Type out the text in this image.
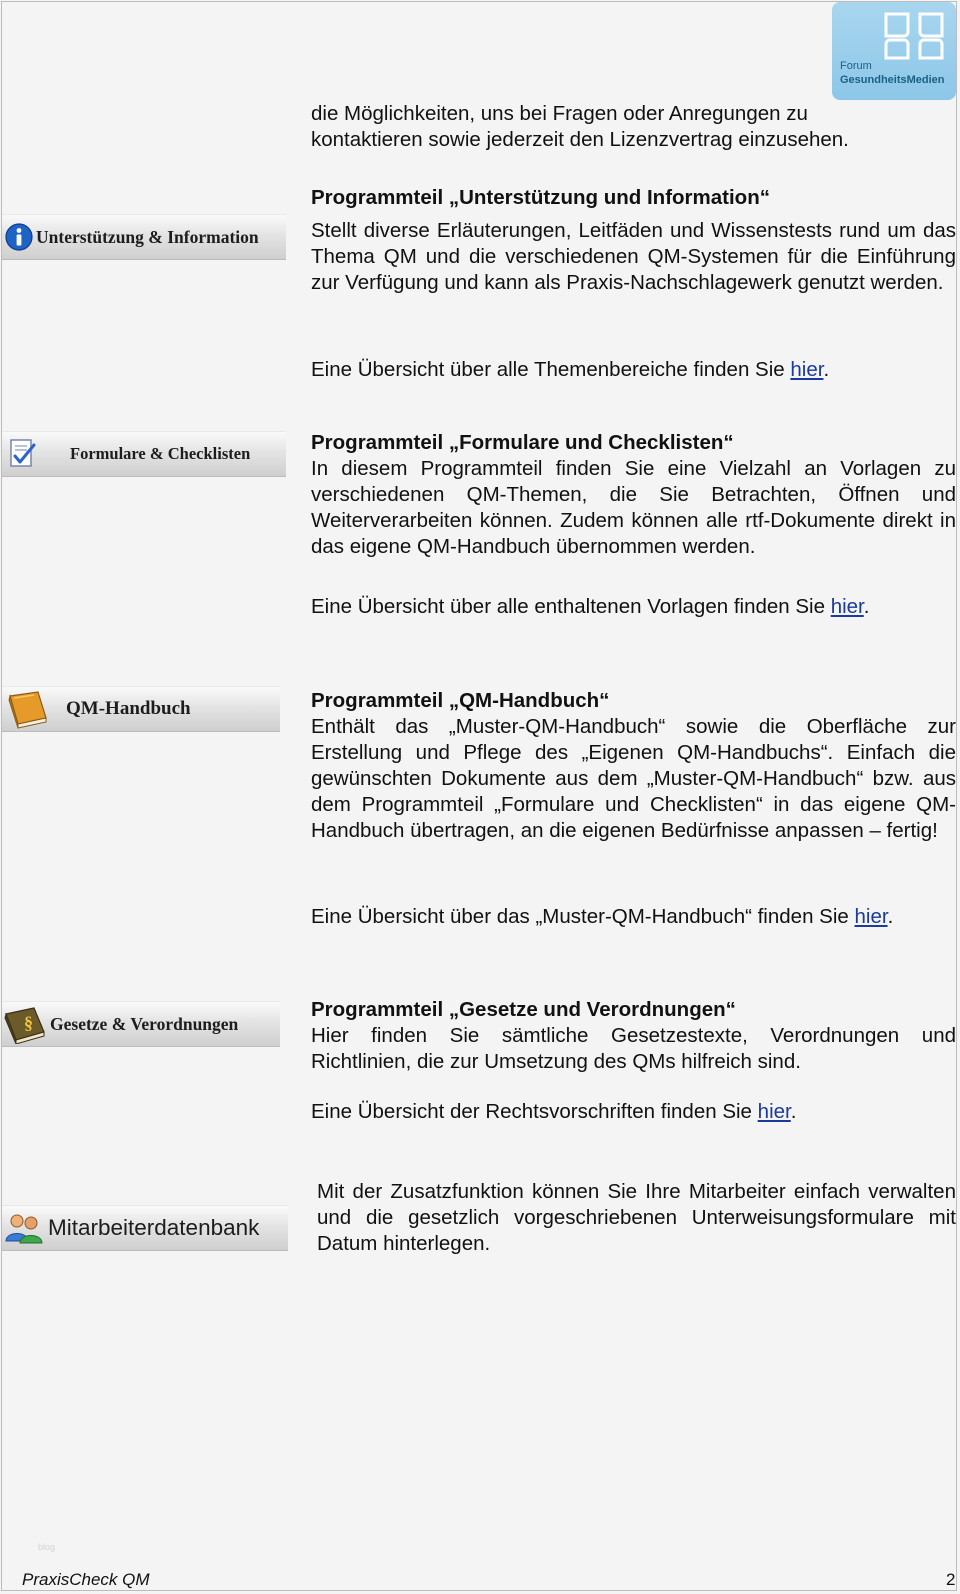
Forum
GesundheitsMedien

die Möglichkeiten, uns bei Fragen oder Anregungen zu
kontaktieren sowie jederzeit den Lizenzvertrag einzusehen.

Unterstützung & Information

Programmteil „Unterstützung und Information“

Stellt diverse Erläuterungen, Leitfäden und Wissenstests rund um das Thema QM und die verschiedenen QM-Systemen für die Einführung zur Verfügung und kann als Praxis-Nachschlagewerk genutzt werden.

Eine Übersicht über alle Themenbereiche finden Sie hier.

Formulare & Checklisten	Programmteil „Formulare und Checklisten“

In diesem Programmteil finden Sie eine Vielzahl an Vorlagen zu verschiedenen QM-Themen, die Sie Betrachten, Öffnen und Weiterverarbeiten können. Zudem können alle rtf-Dokumente direkt in das eigene QM-Handbuch übernommen werden.

Eine Übersicht über alle enthaltenen Vorlagen finden Sie hier.

QM-Handbuch	Programmteil „QM-Handbuch“

Enthält das „Muster-QM-Handbuch“ sowie die Oberfläche zur Erstellung und Pflege des „Eigenen QM-Handbuchs“. Einfach die gewünschten Dokumente aus dem „Muster-QM-Handbuch“ bzw. aus dem Programmteil „Formulare und Checklisten“ in das eigene QM-Handbuch übertragen, an die eigenen Bedürfnisse anpassen – fertig!

Eine Übersicht über das „Muster-QM-Handbuch“ finden Sie hier.

§ Gesetze & Verordnungen

Programmteil „Gesetze und Verordnungen“

Hier finden Sie sämtliche Gesetzestexte, Verordnungen und Richtlinien, die zur Umsetzung des QMs hilfreich sind.

Eine Übersicht der Rechtsvorschriften finden Sie hier.

Mitarbeiterdatenbank

Mit der Zusatzfunktion können Sie Ihre Mitarbeiter einfach verwalten und die gesetzlich vorgeschriebenen Unterweisungsformulare mit Datum hinterlegen.

blog
PraxisCheck QM	2
